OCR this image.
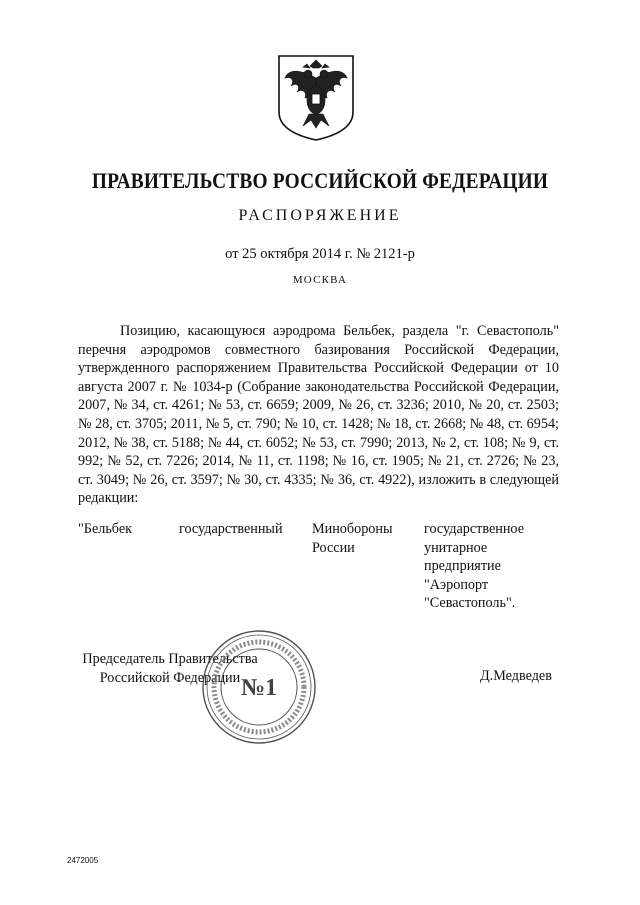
ПРАВИТЕЛЬСТВО РОССИЙСКОЙ ФЕДЕРАЦИИ
РАСПОРЯЖЕНИЕ
от 25 октября 2014 г. № 2121-р
МОСКВА
Позицию, касающуюся аэродрома Бельбек, раздела "г. Севастополь" перечня аэродромов совместного базирования Российской Федерации, утвержденного распоряжением Правительства Российской Федерации от 10 августа 2007 г. № 1034-р (Собрание законодательства Российской Федерации, 2007, № 34, ст. 4261; № 53, ст. 6659; 2009, № 26, ст. 3236; 2010, № 20, ст. 2503; № 28, ст. 3705; 2011, № 5, ст. 790; № 10, ст. 1428; № 18, ст. 2668; № 48, ст. 6954; 2012, № 38, ст. 5188; № 44, ст. 6052; № 53, ст. 7990; 2013, № 2, ст. 108; № 9, ст. 992; № 52, ст. 7226; 2014, № 11, ст. 1198; № 16, ст. 1905; № 21, ст. 2726; № 23, ст. 3049; № 26, ст. 3597; № 30, ст. 4335; № 36, ст. 4922), изложить в следующей редакции:
"Бельбек	государственный Минобороны России
государственное унитарное предприятие "Аэропорт "Севастополь".
Председатель Правительства
Российской Федерации	Д.Медведев
№1
2472005
